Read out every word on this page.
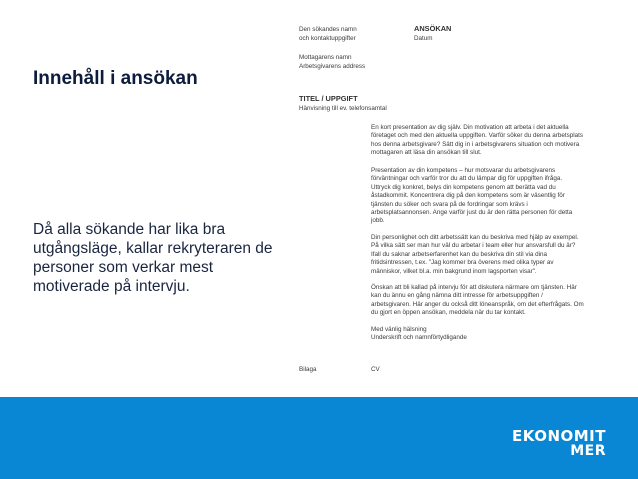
Innehåll i ansökan
Då alla sökande har lika bra utgångsläge, kallar rekryteraren de personer som verkar mest motiverade på intervju.
Den sökandes namn
och kontaktuppgifter
ANSÖKAN
Datum
Mottagarens namn
Arbetsgivarens address
TITEL / UPPGIFT
Hänvisning till ev. telefonsamtal
En kort presentation av dig själv. Din motivation att arbeta i det aktuella
företaget och med den aktuella uppgiften. Varför söker du denna arbetsplats
hos denna arbetsgivare? Sätt dig in i arbetsgivarens situation och motivera
mottagaren att läsa din ansökan till slut.
Presentation av din kompetens – hur motsvarar du arbetsgivarens
förväntningar och varför tror du att du lämpar dig för uppgiften ifråga.
Uttryck dig konkret, belys din kompetens genom att berätta vad du
åstadkommit. Koncentrera dig på den kompetens som är väsentlig för
tjänsten du söker och svara på de fordringar som krävs i
arbetsplatsannonsen. Ange varför just du är den rätta personen för detta
jobb.
Din personlighet och ditt arbetssätt kan du beskriva med hjälp av exempel.
På vilka sätt ser man hur väl du arbetar i team eller hur ansvarsfull du är?
Ifall du saknar arbetserfarenhet kan du beskriva din stil via dina
fritidsintressen, t.ex. "Jag kommer bra överens med olika typer av
människor, vilket bl.a. min bakgrund inom lagsporten visar".
Önskan att bli kallad på intervju för att diskutera närmare om tjänsten. Här
kan du ännu en gång nämna ditt intresse för arbetsuppgiften /
arbetsgivaren. Här anger du också ditt löneanspråk, om det efterfrågats. Om
du gjort en öppen ansökan, meddela när du tar kontakt.
Med vänlig hälsning
Underskrift och namnförtydligande
Bilaga	CV
EKONOMIT
MER
